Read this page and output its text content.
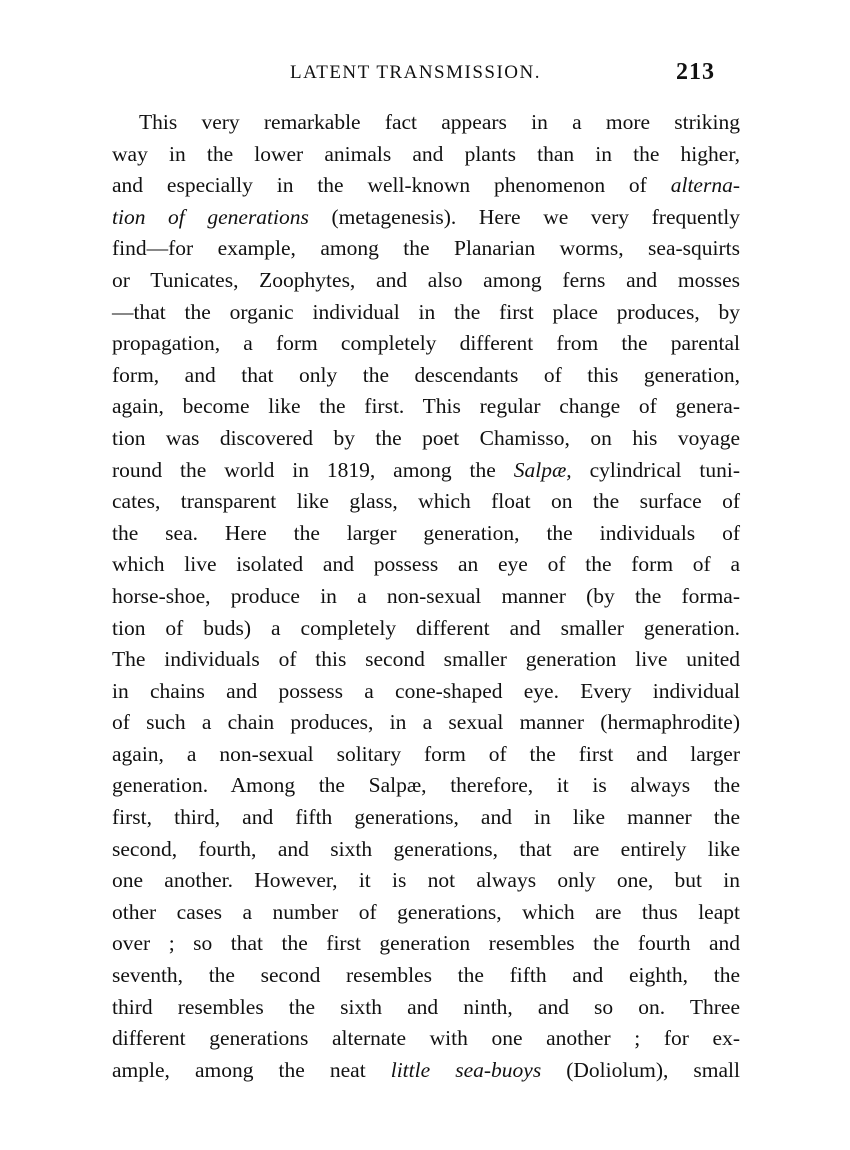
LATENT TRANSMISSION.	213
This very remarkable fact appears in a more striking
way in the lower animals and plants than in the higher,
and especially in the well-known phenomenon of alterna-
tion of generations (metagenesis). Here we very frequently
find—for example, among the Planarian worms, sea-squirts
or Tunicates, Zoophytes, and also among ferns and mosses
—that the organic individual in the first place produces, by
propagation, a form completely different from the parental
form, and that only the descendants of this generation,
again, become like the first. This regular change of genera-
tion was discovered by the poet Chamisso, on his voyage
round the world in 1819, among the Salpæ, cylindrical tuni-
cates, transparent like glass, which float on the surface of
the sea. Here the larger generation, the individuals of
which live isolated and possess an eye of the form of a
horse-shoe, produce in a non-sexual manner (by the forma-
tion of buds) a completely different and smaller generation.
The individuals of this second smaller generation live united
in chains and possess a cone-shaped eye. Every individual
of such a chain produces, in a sexual manner (hermaphrodite)
again, a non-sexual solitary form of the first and larger
generation. Among the Salpæ, therefore, it is always the
first, third, and fifth generations, and in like manner the
second, fourth, and sixth generations, that are entirely like
one another. However, it is not always only one, but in
other cases a number of generations, which are thus leapt
over ; so that the first generation resembles the fourth and
seventh, the second resembles the fifth and eighth, the
third resembles the sixth and ninth, and so on. Three
different generations alternate with one another ; for ex-
ample, among the neat little sea-buoys (Doliolum), small
